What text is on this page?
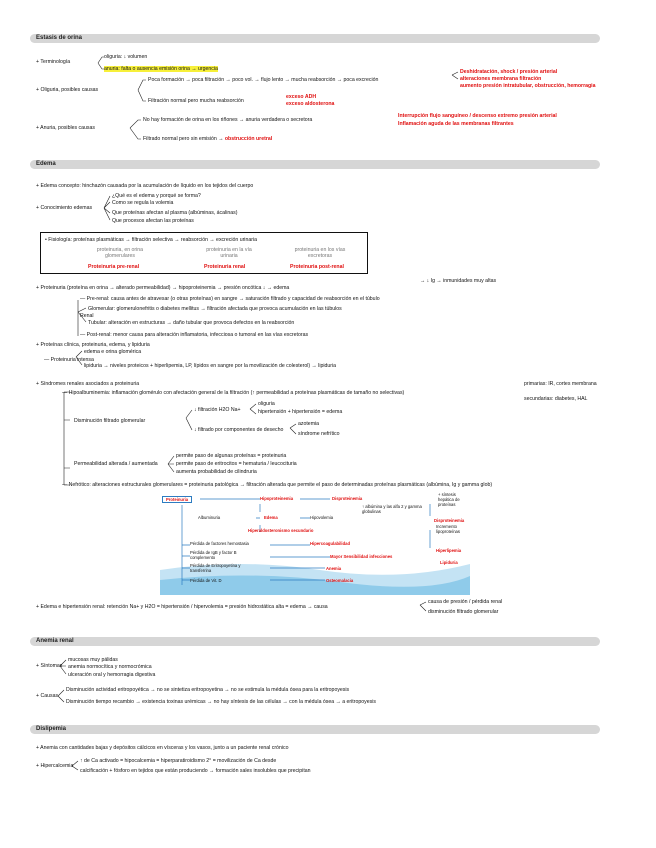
Estasis de orina
Edema
Anemia renal
Dislipemia
+ Terminología
oliguria: ↓ volumen
anuria: falta o ausencia emisión orina → urgencia
+ Oliguria, posibles causas
Poca formación → poca filtración → poco vol. → flujo lento → mucha reabsorción → poca excreción
Deshidratación, shock / presión arterial
alteraciones membrana filtración
aumento presión intratubular, obstrucción, hemorragia
Filtración normal pero mucha reabsorción
exceso ADH
exceso aldosterona
+ Anuria, posibles causas
No hay formación de orina en los riñones → anuria verdadera o secretora
Interrupción flujo sanguíneo / descenso extremo presión arterial
Inflamación aguda de las membranas filtrantes
Filtrado normal pero sin emisión → obstrucción uretral
+ Edema concepto: hinchazón causada por la acumulación de líquido en los tejidos del cuerpo
+ Conocimiento edemas
¿Qué es el edema y porqué se forma?
Como se regula la volemia
Que proteínas afectan al plasma (albúminas, ácalinas)
Que procesos afectan las proteínas
• Fisiología: proteínas plasmáticas → filtración selectiva → reabsorción → excreción urinaria
proteinuria, en orina glomerulares
proteinuria en la vía urinaria
proteinuria en los vías excretoras
Proteinuria pre-renal	Proteinuria renal	Proteinuria post-renal
+ Proteinuria (proteína en orina → alterado permeabilidad) → hipoproteinemia → presión oncótica ↓ → edema
→ ↓ Ig → inmunidades muy altas
— Pre-renal: causa antes de atravesar (o otras proteínas) en sangre → saturación filtrado y capacidad de reabsorción en el túbulo
Glomerular: glomerulonefritis o diabetes mellitus → filtración afectada que provoca acumulación en las túbulos
Renal
Tubular: alteración en estructuras → daño tubular que provoca defectos en la reabsorción
— Post-renal: menor causa para alteración inflamatoria, infecciosa o tumoral en las vías excretoras
+ Proteínas clínica, proteinuria, edema, y lipiduria
edema e orina glomérica
— Proteinuria intensa
lipiduria → niveles proteicos + hiperlipemia, LP, lípidos en sangre por la movilización de colesterol) → lipiduria
+ Síndromes renales asociados a proteinuria
— Hipoalbuminemia: inflamación glomérulo con afectación general de la filtración (↑ permeabilidad a proteínas plasmáticas de tamaño no selectivas)
primarias: IR, cortes membrana
secundarias: diabetes, HAL
↓ filtración H2O Na+
oliguria
hipertensión + hipertensión = edema
Disminución filtrado glomerular
↓ filtrado por componentes de desecho
azotemia
síndrome nefrítico
Permeabilidad alterada / aumentada
permite paso de algunas proteínas = proteinuria
permite paso de eritrocitos = hematuria / leucocituria
aumenta probabilidad de cilindruria
— Nefrótico: alteraciones estructurales glomerulares = proteinuria patológica → filtración alterada que permite el paso de determinadas proteínas plasmáticas (albúmina, Ig y gamma glob)
Proteinuria	Hipoproteinemia	Disproteinemia
Albuminuria	Edema	Hipovolemia
Hiperaldosteronismo secundario
↑ albúmina y las alfa 2 y gamma globulinas
+ síntesis hepática de proteínas
Disproteinemia
Incremento lipoproteínas
Hiperlipemia
Lipiduria
Pérdida de factores hemostasia	Hipercoagulabilidad
Pérdida de IgB y factor B complemento	Mayor Sensibilidad infecciones
Pérdida de Eritropoyetina y transferrina	Anemia
Pérdida de Vit. D	Osteomalacia
+ Edema e hipertensión renal: retención Na+ y H2O = hipertensión / hipervolemia = presión hidrostática alta = edema → causa
causa de presión / pérdida renal
disminución filtrado glomerular
+ Síntomas
mucosas muy pálidas
anemia normocítica y normocrómica
ulceración oral y hemorragia digestiva
+ Causas
Disminución actividad eritropoyética → no se sintetiza eritropoyetina → no se estimula la médula ósea para la eritropoyesis
Disminución tiempo recambio → existencia toxinas urémicas → no hay síntesis de las células → con la médula ósea → a eritropoyesis
+ Anemia con cantidades bajas y depósitos cálcicos en vísceras y los vasos, junto a un paciente renal crónico
+ Hipercalcemia
↑ de Ca activado = hipocalcemia = hiperparatiroidismo 2° = movilización de Ca desde
calcificación + fósforo en tejidos que están produciendo → formación sales insolubles que precipitan
